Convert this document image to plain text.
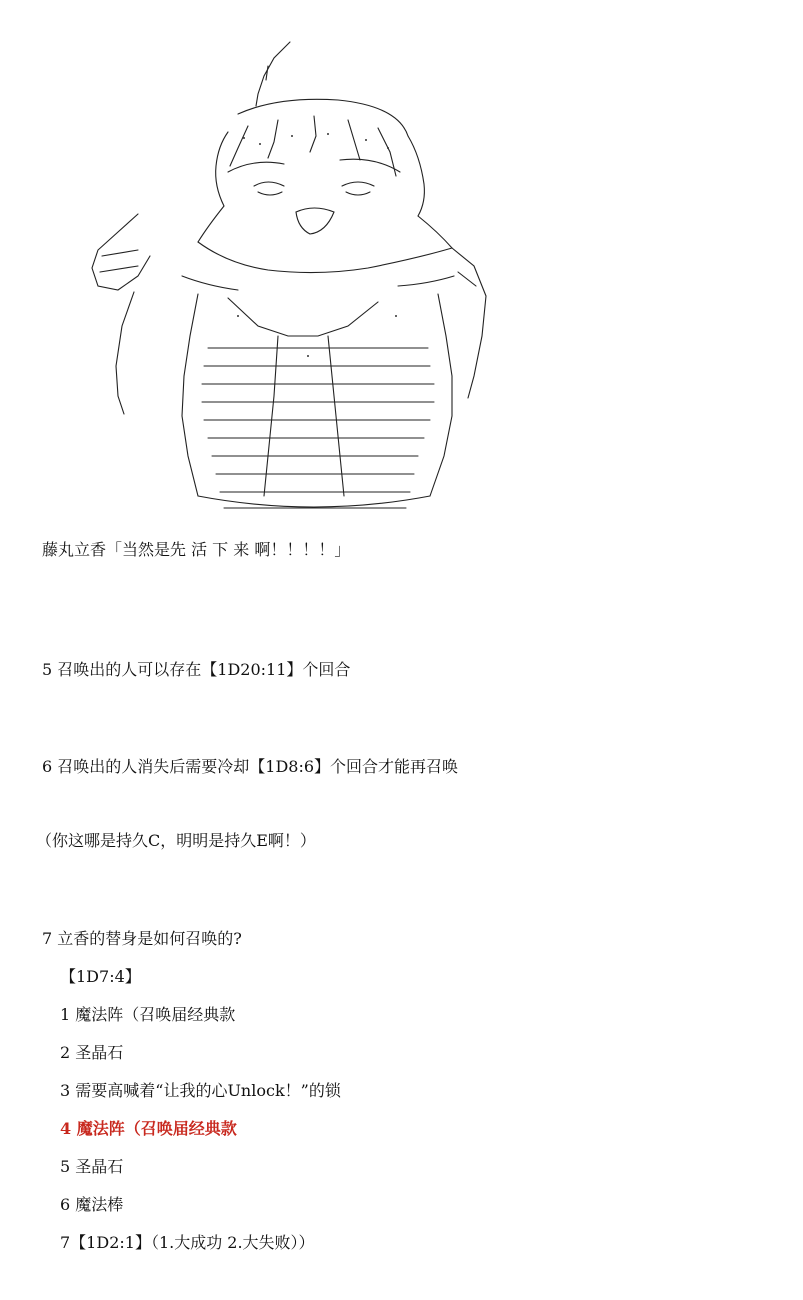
藤丸立香「当然是先 活 下 来 啊！！！！」
5 召唤出的人可以存在【1D20:11】个回合
6 召唤出的人消失后需要冷却【1D8:6】个回合才能再召唤
（你这哪是持久C，明明是持久E啊！）
7 立香的替身是如何召唤的?
【1D7:4】
1 魔法阵（召唤届经典款
2 圣晶石
3 需要高喊着“让我的心Unlock！”的锁
4 魔法阵（召唤届经典款
5 圣晶石
6 魔法棒
7【1D2:1】（1.大成功 2.大失败））
